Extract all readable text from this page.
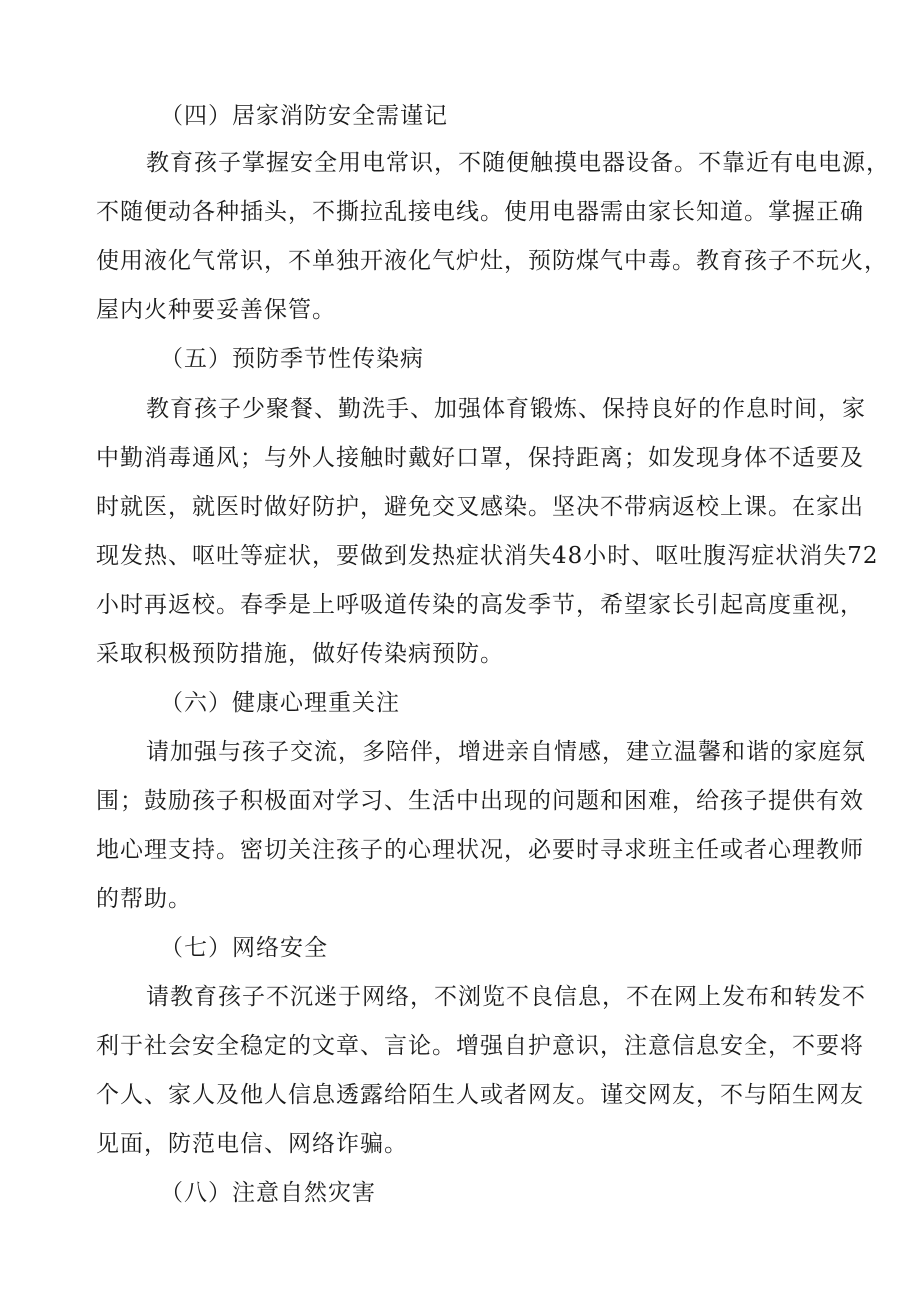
（四）居家消防安全需谨记
教育孩子掌握安全用电常识，不随便触摸电器设备。不靠近有电电源，
不随便动各种插头，不撕拉乱接电线。使用电器需由家长知道。掌握正确
使用液化气常识，不单独开液化气炉灶，预防煤气中毒。教育孩子不玩火，
屋内火种要妥善保管。
（五）预防季节性传染病
教育孩子少聚餐、勤洗手、加强体育锻炼、保持良好的作息时间，家
中勤消毒通风；与外人接触时戴好口罩，保持距离；如发现身体不适要及
时就医，就医时做好防护，避免交叉感染。坚决不带病返校上课。在家出
现发热、呕吐等症状，要做到发热症状消失48小时、呕吐腹泻症状消失72
小时再返校。春季是上呼吸道传染的高发季节，希望家长引起高度重视，
采取积极预防措施，做好传染病预防。
（六）健康心理重关注
请加强与孩子交流，多陪伴，增进亲自情感，建立温馨和谐的家庭氛
围；鼓励孩子积极面对学习、生活中出现的问题和困难，给孩子提供有效
地心理支持。密切关注孩子的心理状况，必要时寻求班主任或者心理教师
的帮助。
（七）网络安全
请教育孩子不沉迷于网络，不浏览不良信息，不在网上发布和转发不
利于社会安全稳定的文章、言论。增强自护意识，注意信息安全，不要将
个人、家人及他人信息透露给陌生人或者网友。谨交网友，不与陌生网友
见面，防范电信、网络诈骗。
（八）注意自然灾害
